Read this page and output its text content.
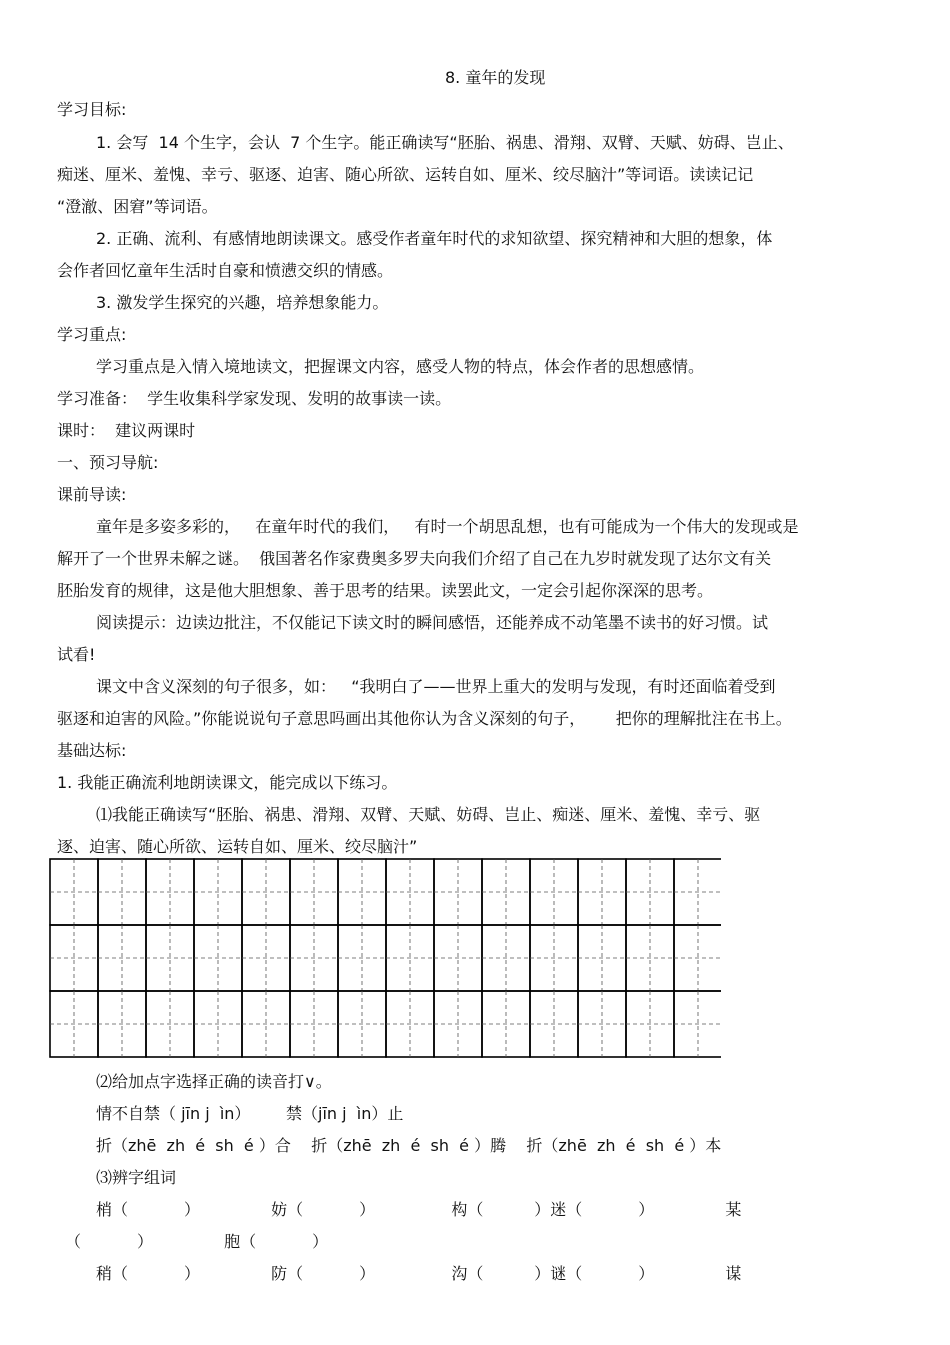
8. 童年的发现
学习目标:
1. 会写  14 个生字，会认  7 个生字。能正确读写“胚胎、祸患、滑翔、双臂、天赋、妨碍、岂止、
痴迷、厘米、羞愧、幸亏、驱逐、迫害、随心所欲、运转自如、厘米、绞尽脑汁”等词语。读读记记
“澄澈、困窘”等词语。
2. 正确、流利、有感情地朗读课文。感受作者童年时代的求知欲望、探究精神和大胆的想象，体
会作者回忆童年生活时自豪和愤懑交织的情感。
3. 激发学生探究的兴趣，培养想象能力。
学习重点:
学习重点是入情入境地读文，把握课文内容，感受人物的特点，体会作者的思想感情。
学习准备：  学生收集科学家发现、发明的故事读一读。
课时：  建议两课时
一、预习导航:
课前导读:
童年是多姿多彩的，   在童年时代的我们，   有时一个胡思乱想，也有可能成为一个伟大的发现或是
解开了一个世界未解之谜。  俄国著名作家费奥多罗夫向我们介绍了自己在九岁时就发现了达尔文有关
胚胎发育的规律，这是他大胆想象、善于思考的结果。读罢此文，一定会引起你深深的思考。
阅读提示：边读边批注，不仅能记下读文时的瞬间感悟，还能养成不动笔墨不读书的好习惯。试
试看!
课文中含义深刻的句子很多，如：   “我明白了——世界上重大的发明与发现，有时还面临着受到
驱逐和迫害的风险。”你能说说句子意思吗画出其他你认为含义深刻的句子，      把你的理解批注在书上。
基础达标:
1. 我能正确流利地朗读课文，能完成以下练习。
⑴我能正确读写“胚胎、祸患、滑翔、双臂、天赋、妨碍、岂止、痴迷、厘米、羞愧、幸亏、驱
逐、迫害、随心所欲、运转自如、厘米、绞尽脑汁”
⑵给加点字选择正确的读音打∨。
情不自禁（ jīn j  ìn）       禁（jīn j  ìn）止
折（zhē  zh  é  sh  é ）合    折（zhē  zh  é  sh  é ）腾    折（zhē  zh  é  sh  é ）本
⑶辨字组词
梢（           ）              妨（           ）               构（          ）迷（           ）              某
（           ）              胞（           ）
稍（           ）              防（           ）               沟（          ）谜（           ）              谋
